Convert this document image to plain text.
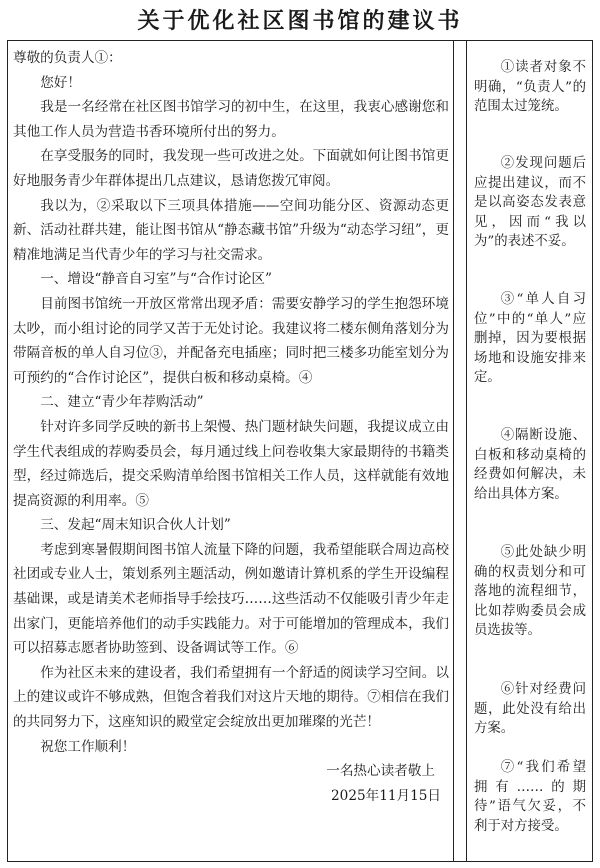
关于优化社区图书馆的建议书

尊敬的负责人①：

您好！

我是一名经常在社区图书馆学习的初中生，在这里，我衷心感谢您和其他工作人员为营造书香环境所付出的努力。

在享受服务的同时，我发现一些可改进之处。下面就如何让图书馆更好地服务青少年群体提出几点建议，恳请您拨冗审阅。

我以为，②采取以下三项具体措施——空间功能分区、资源动态更新、活动社群共建，能让图书馆从“静态藏书馆”升级为“动态学习纽”，更精准地满足当代青少年的学习与社交需求。

一、增设“静音自习室”与“合作讨论区”

目前图书馆统一开放区常常出现矛盾：需要安静学习的学生抱怨环境太吵，而小组讨论的同学又苦于无处讨论。我建议将二楼东侧角落划分为带隔音板的单人自习位③，并配备充电插座；同时把三楼多功能室划分为可预约的“合作讨论区”，提供白板和移动桌椅。④

二、建立“青少年荐购活动”

针对许多同学反映的新书上架慢、热门题材缺失问题，我提议成立由学生代表组成的荐购委员会，每月通过线上问卷收集大家最期待的书籍类型，经过筛选后，提交采购清单给图书馆相关工作人员，这样就能有效地提高资源的利用率。⑤

三、发起“周末知识合伙人计划”

考虑到寒暑假期间图书馆人流量下降的问题，我希望能联合周边高校社团或专业人士，策划系列主题活动，例如邀请计算机系的学生开设编程基础课，或是请美术老师指导手绘技巧……这些活动不仅能吸引青少年走出家门，更能培养他们的动手实践能力。对于可能增加的管理成本，我们可以招募志愿者协助签到、设备调试等工作。⑥

作为社区未来的建设者，我们希望拥有一个舒适的阅读学习空间。以上的建议或许不够成熟，但饱含着我们对这片天地的期待。⑦相信在我们的共同努力下，这座知识的殿堂定会绽放出更加璀璨的光芒！

祝您工作顺利！

一名热心读者敬上

2025年11月15日

①读者对象不明确，“负责人”的范围太过笼统。
②发现问题后应提出建议，而不是以高姿态发表意见，因而“我以为”的表述不妥。
③“单人自习位”中的“单人”应删掉，因为要根据场地和设施安排来定。
④隔断设施、白板和移动桌椅的经费如何解决，未给出具体方案。
⑤此处缺少明确的权责划分和可落地的流程细节，比如荐购委员会成员选拔等。
⑥针对经费问题，此处没有给出方案。
⑦“我们希望拥有……的期待”语气欠妥，不利于对方接受。
